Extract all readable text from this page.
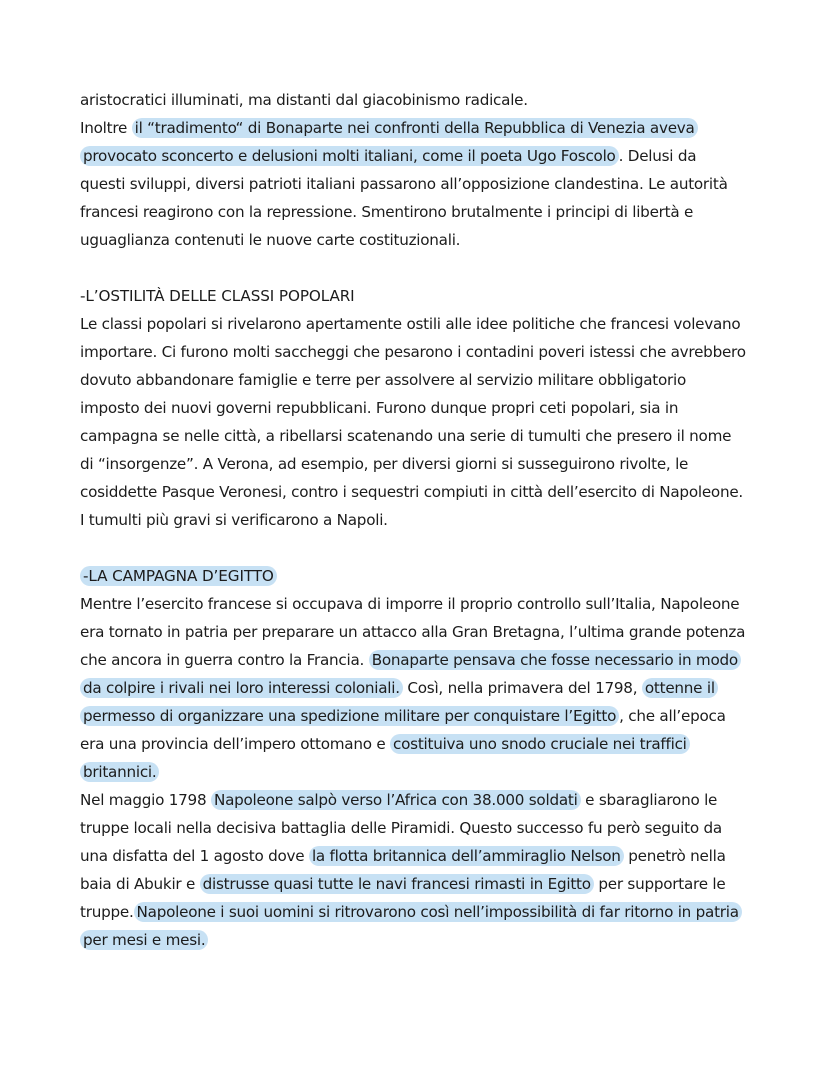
aristocratici illuminati, ma distanti dal giacobinismo radicale.

Inoltre il “tradimento“ di Bonaparte nei confronti della Repubblica di Venezia aveva provocato sconcerto e delusioni molti italiani, come il poeta Ugo Foscolo . Delusi da questi sviluppi, diversi patrioti italiani passarono all’opposizione clandestina. Le autorità francesi reagirono con la repressione. Smentirono brutalmente i principi di libertà e uguaglianza contenuti le nuove carte costituzionali.

-L’OSTILITÀ DELLE CLASSI POPOLARI

Le classi popolari si rivelarono apertamente ostili alle idee politiche che francesi volevano importare. Ci furono molti saccheggi che pesarono i contadini poveri istessi che avrebbero dovuto abbandonare famiglie e terre per assolvere al servizio militare obbligatorio imposto dei nuovi governi repubblicani. Furono dunque propri ceti popolari, sia in campagna se nelle città, a ribellarsi scatenando una serie di tumulti che presero il nome di “insorgenze”. A Verona, ad esempio, per diversi giorni si susseguirono rivolte, le cosiddette Pasque Veronesi, contro i sequestri compiuti in città dell’esercito di Napoleone. I tumulti più gravi si verificarono a Napoli.

-LA CAMPAGNA D’EGITTO

Mentre l’esercito francese si occupava di imporre il proprio controllo sull’Italia, Napoleone era tornato in patria per preparare un attacco alla Gran Bretagna, l’ultima grande potenza che ancora in guerra contro la Francia. Bonaparte pensava che fosse necessario in modo da colpire i rivali nei loro interessi coloniali. Così, nella primavera del 1798, ottenne il permesso di organizzare una spedizione militare per conquistare l’Egitto , che all’epoca era una provincia dell’impero ottomano e costituiva uno snodo cruciale nei traffici britannici.

Nel maggio 1798 Napoleone salpò verso l’Africa con 38.000 soldati e sbaragliarono le truppe locali nella decisiva battaglia delle Piramidi. Questo successo fu però seguito da una disfatta del 1 agosto dove la flotta britannica dell’ammiraglio Nelson penetrò nella baia di Abukir e distrusse quasi tutte le navi francesi rimasti in Egitto per supportare le truppe. Napoleone i suoi uomini si ritrovarono così nell’impossibilità di far ritorno in patria per mesi e mesi.
